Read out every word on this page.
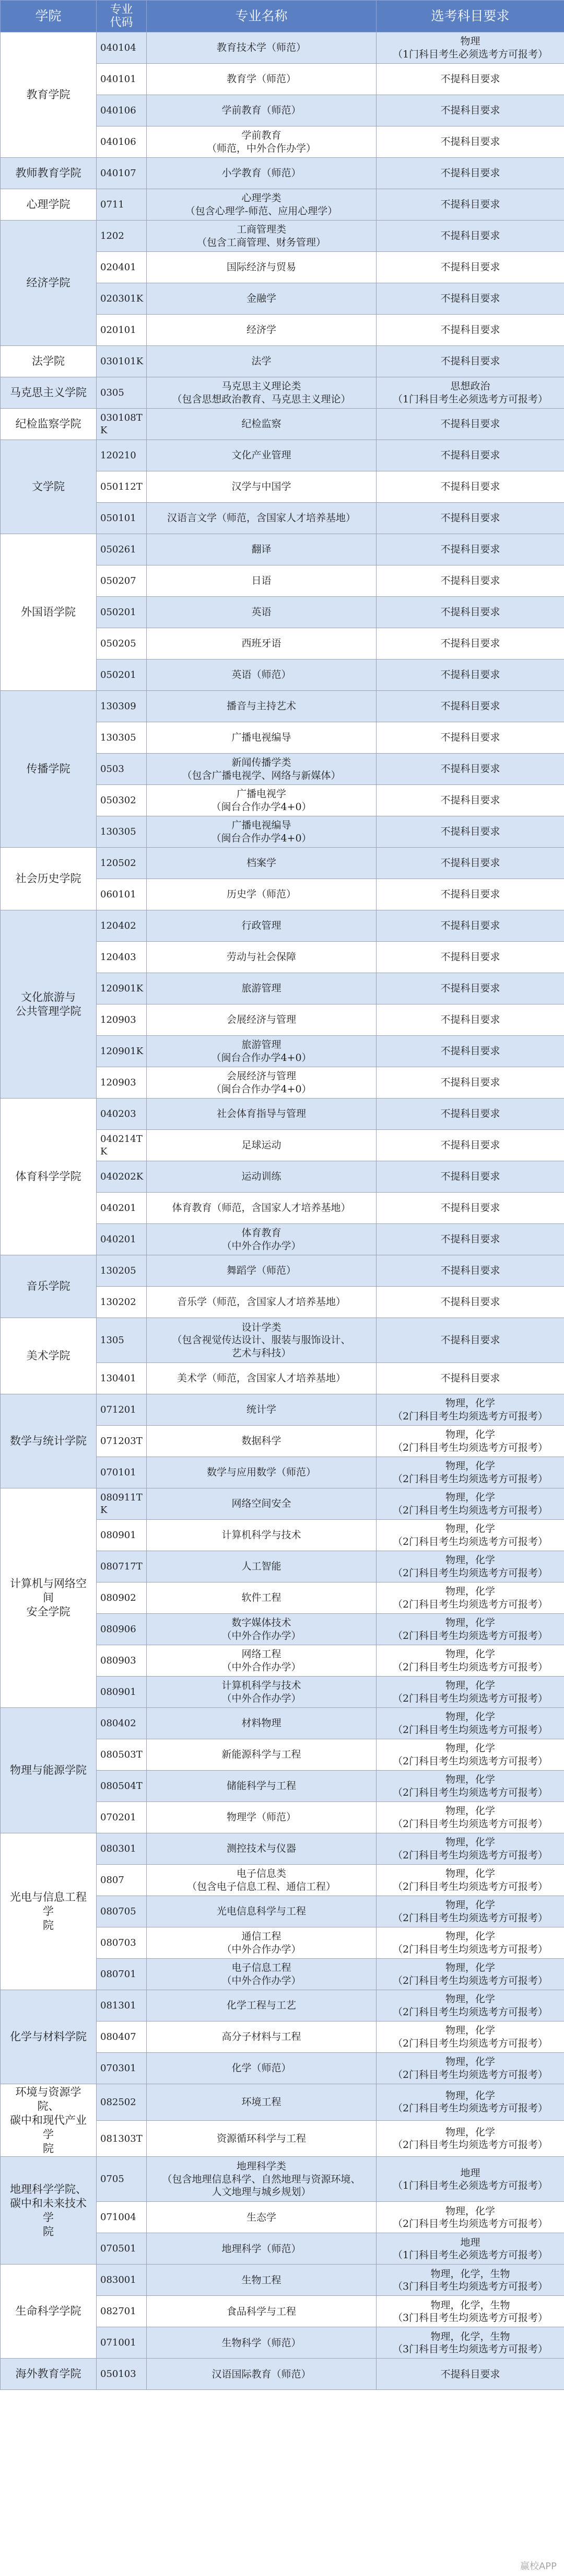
学院	专业
代码	专业名称	选考科目要求
教育学院	040104	教育技术学（师范）	物理
（1门科目考生必须选考方可报考）
	040101	教育学（师范）	不提科目要求
	040106	学前教育（师范）	不提科目要求
	040106	学前教育
（师范，中外合作办学）	不提科目要求
教师教育学院	040107	小学教育（师范）	不提科目要求
心理学院	0711	心理学类
（包含心理学-师范、应用心理学）	不提科目要求
经济学院	1202	工商管理类
（包含工商管理、财务管理）	不提科目要求
	020401	国际经济与贸易	不提科目要求
	020301K	金融学	不提科目要求
	020101	经济学	不提科目要求
法学院	030101K	法学	不提科目要求
马克思主义学院	0305	马克思主义理论类
（包含思想政治教育、马克思主义理论）	思想政治
（1门科目考生必须选考方可报考）
纪检监察学院	030108TK	纪检监察	不提科目要求
文学院	120210	文化产业管理	不提科目要求
	050112T	汉学与中国学	不提科目要求
	050101	汉语言文学（师范，含国家人才培养基地）	不提科目要求
外国语学院	050261	翻译	不提科目要求
	050207	日语	不提科目要求
	050201	英语	不提科目要求
	050205	西班牙语	不提科目要求
	050201	英语（师范）	不提科目要求
传播学院	130309	播音与主持艺术	不提科目要求
	130305	广播电视编导	不提科目要求
	0503	新闻传播学类
（包含广播电视学、网络与新媒体）	不提科目要求
	050302	广播电视学
（闽台合作办学4+0）	不提科目要求
	130305	广播电视编导
（闽台合作办学4+0）	不提科目要求
社会历史学院	120502	档案学	不提科目要求
	060101	历史学（师范）	不提科目要求
文化旅游与
公共管理学院	120402	行政管理	不提科目要求
	120403	劳动与社会保障	不提科目要求
	120901K	旅游管理	不提科目要求
	120903	会展经济与管理	不提科目要求
	120901K	旅游管理
（闽台合作办学4+0）	不提科目要求
	120903	会展经济与管理
（闽台合作办学4+0）	不提科目要求
体育科学学院	040203	社会体育指导与管理	不提科目要求
	040214TK	足球运动	不提科目要求
	040202K	运动训练	不提科目要求
	040201	体育教育（师范，含国家人才培养基地）	不提科目要求
	040201	体育教育
（中外合作办学）	不提科目要求
音乐学院	130205	舞蹈学（师范）	不提科目要求
	130202	音乐学（师范，含国家人才培养基地）	不提科目要求
美术学院	1305	设计学类
（包含视觉传达设计、服装与服饰设计、
艺术与科技）	不提科目要求
	130401	美术学（师范，含国家人才培养基地）	不提科目要求
数学与统计学院	071201	统计学	物理，化学
（2门科目考生均须选考方可报考）
	071203T	数据科学	物理，化学
（2门科目考生均须选考方可报考）
	070101	数学与应用数学（师范）	物理，化学
（2门科目考生均须选考方可报考）
计算机与网络空间
安全学院	080911TK	网络空间安全	物理，化学
（2门科目考生均须选考方可报考）
	080901	计算机科学与技术	物理，化学
（2门科目考生均须选考方可报考）
	080717T	人工智能	物理，化学
（2门科目考生均须选考方可报考）
	080902	软件工程	物理，化学
（2门科目考生均须选考方可报考）
	080906	数字媒体技术
（中外合作办学）	物理，化学
（2门科目考生均须选考方可报考）
	080903	网络工程
（中外合作办学）	物理，化学
（2门科目考生均须选考方可报考）
	080901	计算机科学与技术
（中外合作办学）	物理，化学
（2门科目考生均须选考方可报考）
物理与能源学院	080402	材料物理	物理，化学
（2门科目考生均须选考方可报考）
	080503T	新能源科学与工程	物理，化学
（2门科目考生均须选考方可报考）
	080504T	储能科学与工程	物理，化学
（2门科目考生均须选考方可报考）
	070201	物理学（师范）	物理，化学
（2门科目考生均须选考方可报考）
光电与信息工程学
院	080301	测控技术与仪器	物理，化学
（2门科目考生均须选考方可报考）
	0807	电子信息类
（包含电子信息工程、通信工程）	物理，化学
（2门科目考生均须选考方可报考）
	080705	光电信息科学与工程	物理，化学
（2门科目考生均须选考方可报考）
	080703	通信工程
（中外合作办学）	物理，化学
（2门科目考生均须选考方可报考）
	080701	电子信息工程
（中外合作办学）	物理，化学
（2门科目考生均须选考方可报考）
化学与材料学院	081301	化学工程与工艺	物理，化学
（2门科目考生均须选考方可报考）
	080407	高分子材料与工程	物理，化学
（2门科目考生均须选考方可报考）
	070301	化学（师范）	物理，化学
（2门科目考生均须选考方可报考）
环境与资源学院、
碳中和现代产业学
院	082502	环境工程	物理，化学
（2门科目考生均须选考方可报考）
	081303T	资源循环科学与工程	物理，化学
（2门科目考生均须选考方可报考）
地理科学学院、
碳中和未来技术学
院	0705	地理科学类
（包含地理信息科学、自然地理与资源环境、
人文地理与城乡规划）	地理
（1门科目考生必须选考方可报考）
	071004	生态学	物理，化学
（2门科目考生均须选考方可报考）
	070501	地理科学（师范）	地理
（1门科目考生必须选考方可报考）
生命科学学院	083001	生物工程	物理，化学，生物
（3门科目考生均须选考方可报考）
	082701	食品科学与工程	物理，化学，生物
（3门科目考生均须选考方可报考）
	071001	生物科学（师范）	物理，化学，生物
（3门科目考生均须选考方可报考）
海外教育学院	050103	汉语国际教育（师范）	不提科目要求
赢校APP
